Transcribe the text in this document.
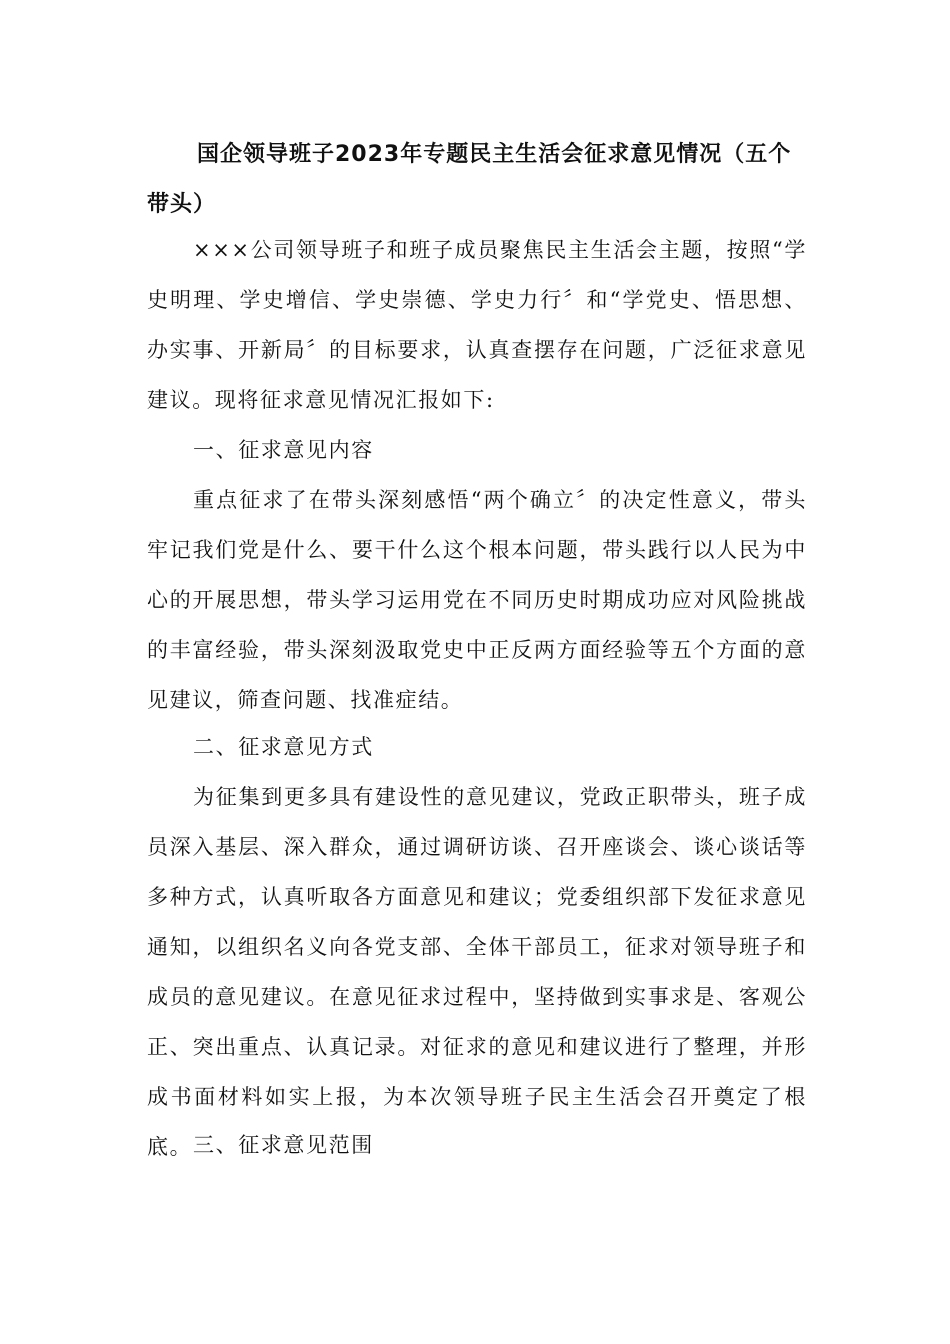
国企领导班子2023年专题民主生活会征求意见情况（五个带头）

×××公司领导班子和班子成员聚焦民主生活会主题，按照“学史明理、学史增信、学史崇德、学史力行〞和“学党史、悟思想、办实事、开新局〞的目标要求，认真查摆存在问题，广泛征求意见建议。现将征求意见情况汇报如下:

一、征求意见内容

重点征求了在带头深刻感悟“两个确立〞的决定性意义，带头牢记我们党是什么、要干什么这个根本问题，带头践行以人民为中心的开展思想，带头学习运用党在不同历史时期成功应对风险挑战的丰富经验，带头深刻汲取党史中正反两方面经验等五个方面的意见建议，筛查问题、找准症结。

二、征求意见方式

为征集到更多具有建设性的意见建议，党政正职带头，班子成员深入基层、深入群众，通过调研访谈、召开座谈会、谈心谈话等多种方式，认真听取各方面意见和建议；党委组织部下发征求意见通知，以组织名义向各党支部、全体干部员工，征求对领导班子和成员的意见建议。在意见征求过程中，坚持做到实事求是、客观公正、突出重点、认真记录。对征求的意见和建议进行了整理，并形成书面材料如实上报，为本次领导班子民主生活会召开奠定了根底。 三、征求意见范围
